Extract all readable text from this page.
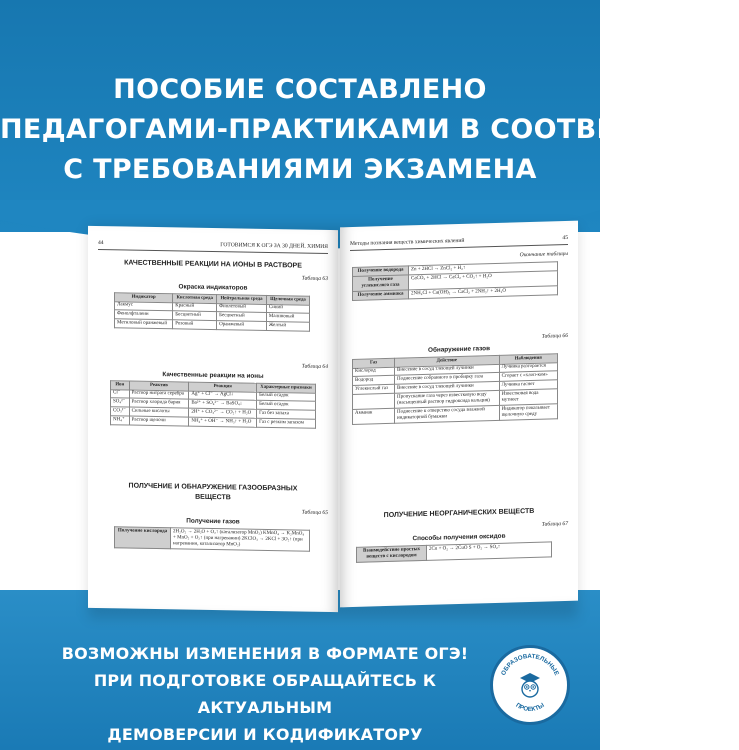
ПОСОБИЕ СОСТАВЛЕНО
ПЕДАГОГАМИ-ПРАКТИКАМИ В СООТВЕТСТВИИ
С ТРЕБОВАНИЯМИ ЭКЗАМЕНА
44	ГОТОВИМСЯ К ОГЭ ЗА 30 ДНЕЙ. ХИМИЯ
КАЧЕСТВЕННЫЕ РЕАКЦИИ НА ИОНЫ В РАСТВОРЕ
Таблица 63
Окраска индикаторов
Индикатор	Кислотная среда	Нейтральная среда	Щелочная среда
Лакмус	Красный	Фиолетовый	Синий
Фенолфталеин	Бесцветный	Бесцветный	Малиновый
Метиловый оранжевый	Розовый	Оранжевый	Желтый
Таблица 64
Качественные реакции на ионы
Ион	Реактив	Реакция	Характерные признаки
Cl⁻	Раствор нитрата серебра	Ag⁺ + Cl⁻ → AgCl↓	Белый осадок
SO₄²⁻	Раствор хлорида бария	Ba²⁺ + SO₄²⁻ → BaSO₄↓	Белый осадок
CO₃²⁻	Сильные кислоты	2H⁺ + CO₃²⁻ → CO₂↑ + H₂O	Газ без запаха
NH₄⁺	Раствор щелочи	NH₄⁺ + OH⁻ → NH₃↑ + H₂O	Газ с резким запахом
ПОЛУЧЕНИЕ И ОБНАРУЖЕНИЕ ГАЗООБРАЗНЫХ
ВЕЩЕСТВ
Таблица 65
Получение газов
Получение кислорода	2H₂O₂ → 2H₂O + O₂↑ (катализатор MnO₂) KMnO₄ → K₂MnO₄ + MnO₂ + O₂↑ (при нагревании) 2KClO₃ → 2KCl + 3O₂↑ (при нагревании, катализатор MnO₂)
Методы познания веществ химических явлений	45
Окончание таблицы
Получение водорода	Zn + 2HCl → ZnCl₂ + H₂↑
Получение углекислого газа	CaCO₃ + 2HCl → CaCl₂ + CO₂↑ + H₂O
Получение аммиака	2NH₄Cl + Ca(OH)₂ → CaCl₂ + 2NH₃↑ + 2H₂O
Таблица 66
Обнаружение газов
Газ	Действие	Наблюдения
Кислород	Внесение в сосуд тлеющей лучинки	Лучинка разгорается
Водород	Поднесение собранного в пробирку газа	Сгорает с «хлоп-ком»
Углекислый газ	Внесение в сосуд тлеющей лучинки	Лучинка гаснет
	Пропускание газа через известковую воду (насыщенный раствор гидроксида кальция)	Известковая вода мутнеет
Аммиак	Поднесение к отверстию сосуда влажной индикаторной бумажки	Индикатор показывает щелочную среду
ПОЛУЧЕНИЕ НЕОРГАНИЧЕСКИХ ВЕЩЕСТВ
Таблица 67
Способы получения оксидов
Взаимодействие простых веществ с кислородом	2Cu + O₂ → 2CuO S + O₂ → SO₂↑
ВОЗМОЖНЫ ИЗМЕНЕНИЯ В ФОРМАТЕ ОГЭ!
ПРИ ПОДГОТОВКЕ ОБРАЩАЙТЕСЬ К АКТУАЛЬНЫМ
ДЕМОВЕРСИИ И КОДИФИКАТОРУ
ОБРАЗОВАТЕЛЬНЫЕ
ПРОЕКТЫ
